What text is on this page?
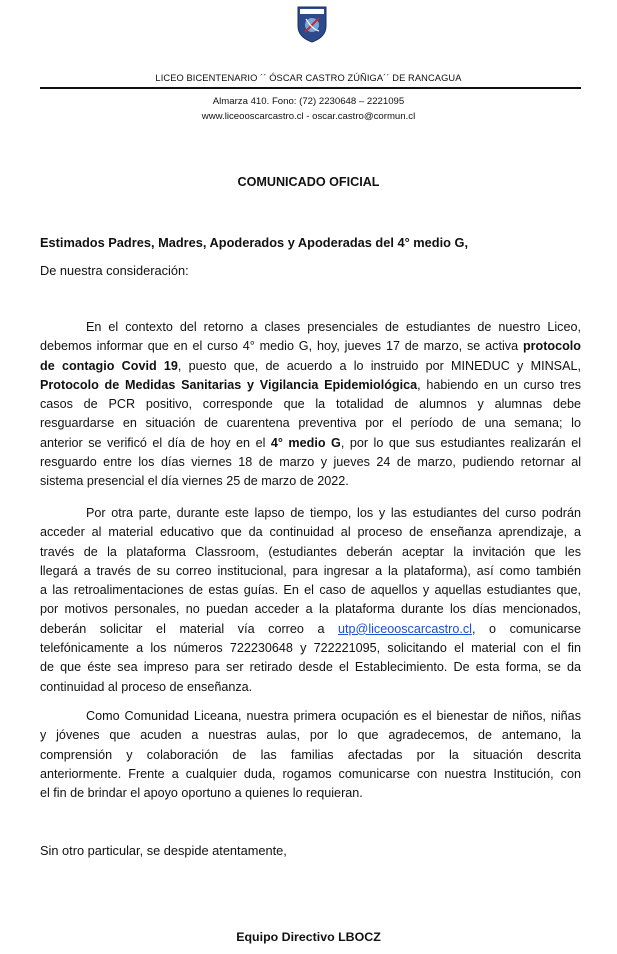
LICEO BICENTENARIO ´´ ÓSCAR CASTRO ZÚÑIGA´´ DE RANCAGUA
Almarza 410. Fono: (72) 2230648 – 2221095
www.liceooscarcastro.cl - oscar.castro@cormun.cl
COMUNICADO OFICIAL
Estimados Padres, Madres, Apoderados y Apoderadas del 4° medio G,
De nuestra consideración:
En el contexto del retorno a clases presenciales de estudiantes de nuestro Liceo,
debemos informar que en el curso 4° medio G, hoy, jueves 17 de marzo, se activa protocolo
de contagio Covid 19, puesto que, de acuerdo a lo instruido por MINEDUC y MINSAL,
Protocolo de Medidas Sanitarias y Vigilancia Epidemiológica, habiendo en un curso tres
casos de PCR positivo, corresponde que la totalidad de alumnos y alumnas debe
resguardarse en situación de cuarentena preventiva por el período de una semana; lo
anterior se verificó el día de hoy en el 4° medio G, por lo que sus estudiantes realizarán el
resguardo entre los días viernes 18 de marzo y jueves 24 de marzo, pudiendo retornar al
sistema presencial el día viernes 25 de marzo de 2022.
Por otra parte, durante este lapso de tiempo, los y las estudiantes del curso podrán
acceder al material educativo que da continuidad al proceso de enseñanza aprendizaje, a
través de la plataforma Classroom, (estudiantes deberán aceptar la invitación que les
llegará a través de su correo institucional, para ingresar a la plataforma), así como también
a las retroalimentaciones de estas guías. En el caso de aquellos y aquellas estudiantes que,
por motivos personales, no puedan acceder a la plataforma durante los días mencionados,
deberán solicitar el material vía correo a utp@liceooscarcastro.cl, o comunicarse
telefónicamente a los números 722230648 y 722221095, solicitando el material con el fin
de que éste sea impreso para ser retirado desde el Establecimiento. De esta forma, se da
continuidad al proceso de enseñanza.
Como Comunidad Liceana, nuestra primera ocupación es el bienestar de niños, niñas
y jóvenes que acuden a nuestras aulas, por lo que agradecemos, de antemano, la
comprensión y colaboración de las familias afectadas por la situación descrita
anteriormente. Frente a cualquier duda, rogamos comunicarse con nuestra Institución, con
el fin de brindar el apoyo oportuno a quienes lo requieran.
Sin otro particular, se despide atentamente,
Equipo Directivo LBOCZ
